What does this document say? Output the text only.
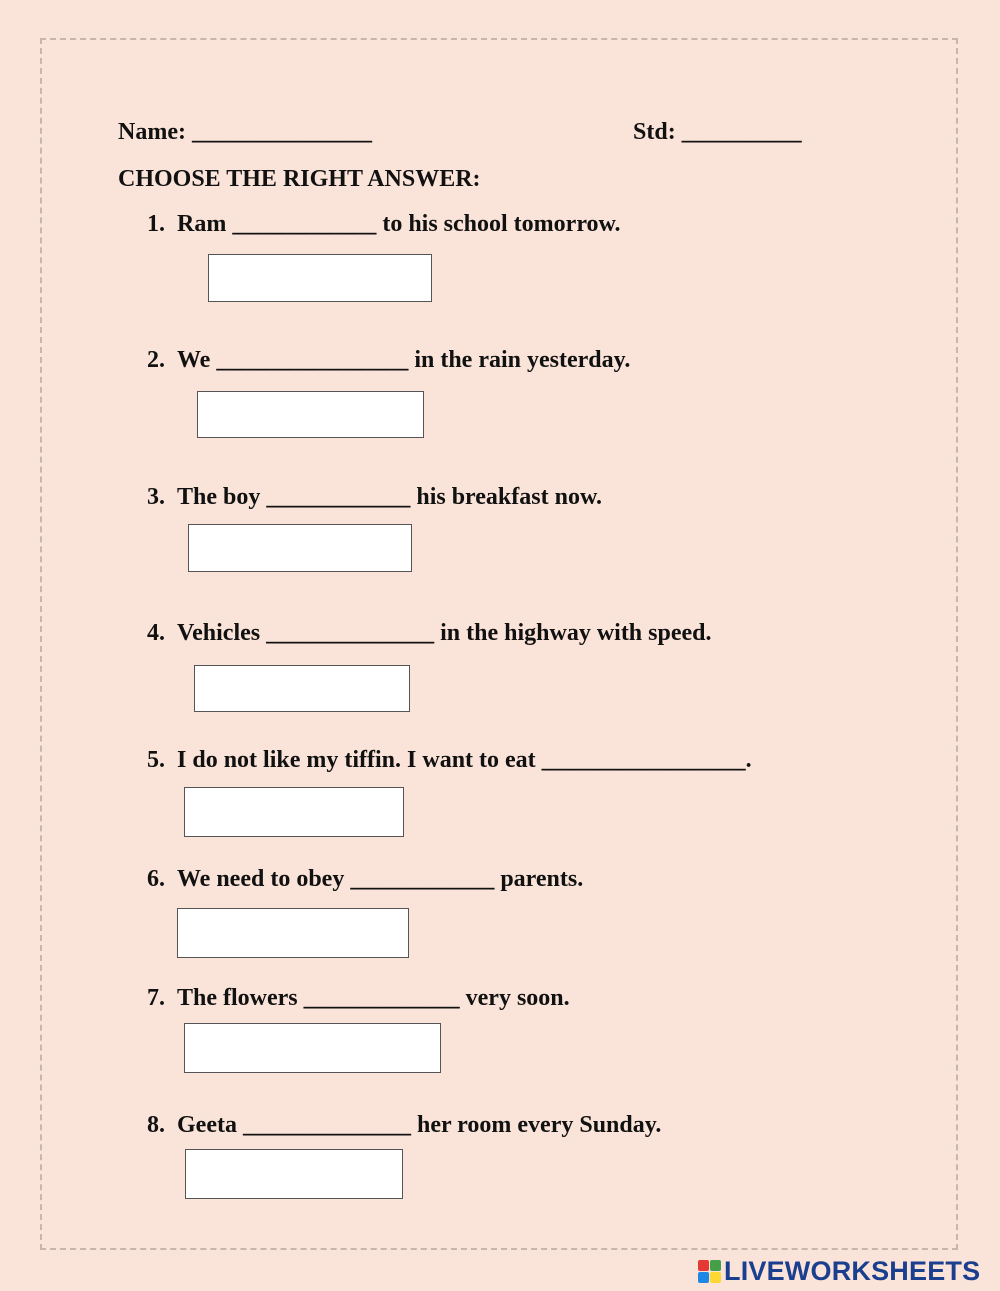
Name: _______________	Std: __________
CHOOSE THE RIGHT ANSWER:
1. Ram ____________ to his school tomorrow.
2. We ________________ in the rain yesterday.
3. The boy ____________ his breakfast now.
4. Vehicles ______________ in the highway with speed.
5. I do not like my tiffin. I want to eat _________________.
6. We need to obey ____________ parents.
7. The flowers _____________ very soon.
8. Geeta ______________ her room every Sunday.
LIVEWORKSHEETS
